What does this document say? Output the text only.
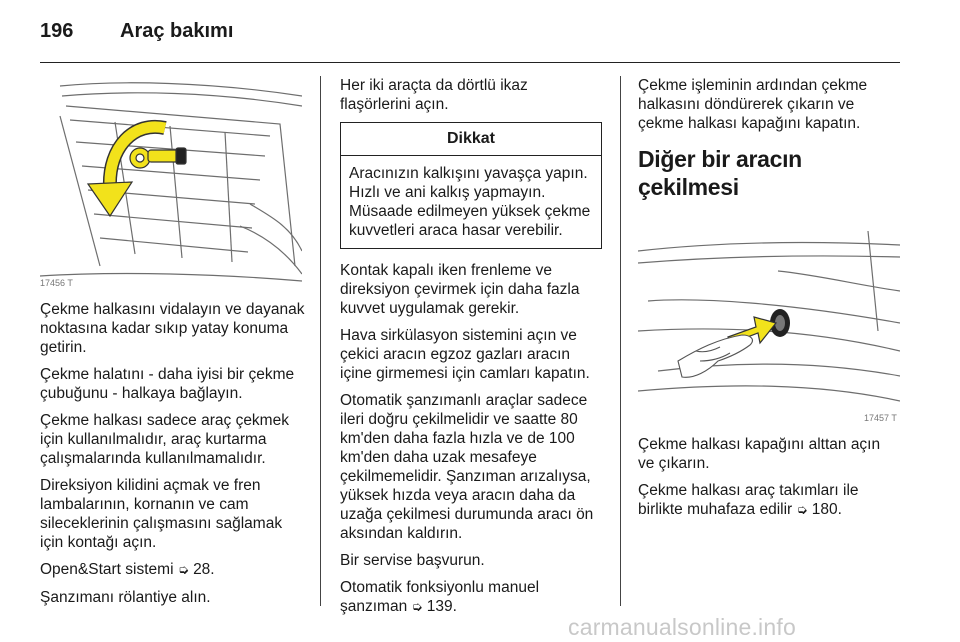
196 Araç bakımı
17456 T

Çekme halkasını vidalayın ve dayanak noktasına kadar sıkıp yatay konuma getirin.

Çekme halatını - daha iyisi bir çekme çubuğunu - halkaya bağlayın.

Çekme halkası sadece araç çekmek için kullanılmalıdır, araç kurtarma çalışmalarında kullanılmamalıdır.

Direksiyon kilidini açmak ve fren lambalarının, kornanın ve cam sileceklerinin çalışmasını sağlamak için kontağı açın.

Open&Start sistemi ➭ 28.

Şanzımanı rölantiye alın.

Her iki araçta da dörtlü ikaz flaşörlerini açın.

Dikkat
Aracınızın kalkışını yavaşça yapın. Hızlı ve ani kalkış yapmayın. Müsaade edilmeyen yüksek çekme kuvvetleri araca hasar verebilir.

Kontak kapalı iken frenleme ve direksiyon çevirmek için daha fazla kuvvet uygulamak gerekir.

Hava sirkülasyon sistemini açın ve çekici aracın egzoz gazları aracın içine girmemesi için camları kapatın.

Otomatik şanzımanlı araçlar sadece ileri doğru çekilmelidir ve saatte 80 km'den daha fazla hızla ve de 100 km'den daha uzak mesafeye çekilmemelidir. Şanzıman arızalıysa, yüksek hızda veya aracın daha da uzağa çekilmesi durumunda aracı ön aksından kaldırın.

Bir servise başvurun.

Otomatik fonksiyonlu manuel şanzıman ➭ 139.

Çekme işleminin ardından çekme halkasını döndürerek çıkarın ve çekme halkası kapağını kapatın.

Diğer bir aracın çekilmesi
17457 T

Çekme halkası kapağını alttan açın ve çıkarın.

Çekme halkası araç takımları ile birlikte muhafaza edilir ➭ 180.

carmanualsonline.info
